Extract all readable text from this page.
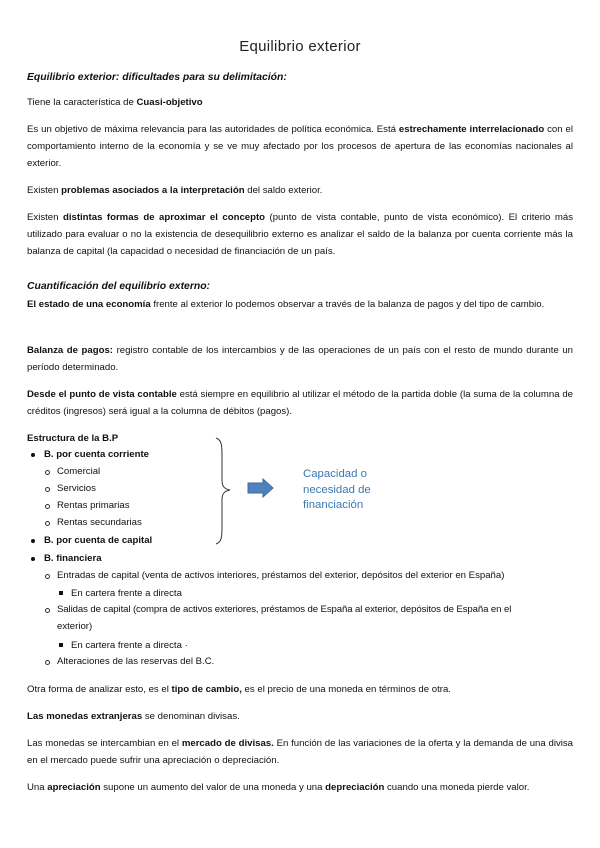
Equilibrio exterior

Equilibrio exterior: dificultades para su delimitación:

Tiene la característica de Cuasi-objetivo

Es un objetivo de máxima relevancia para las autoridades de política económica. Está estrechamente interrelacionado con el comportamiento interno de la economía y se ve muy afectado por los procesos de apertura de las economías nacionales al exterior.

Existen problemas asociados a la interpretación del saldo exterior.

Existen distintas formas de aproximar el concepto (punto de vista contable, punto de vista económico). El criterio más utilizado para evaluar o no la existencia de desequilibrio externo es analizar el saldo de la balanza por cuenta corriente más la balanza de capital (la capacidad o necesidad de financiación de un país.

Cuantificación del equilibrio externo:

El estado de una economía frente al exterior lo podemos observar a través de la balanza de pagos y del tipo de cambio.

Balanza de pagos: registro contable de los intercambios y de las operaciones de un país con el resto de mundo durante un período determinado.

Desde el punto de vista contable está siempre en equilibrio al utilizar el método de la partida doble (la suma de la columna de créditos (ingresos) será igual a la columna de débitos (pagos).

Estructura de la B.P

B. por cuenta corriente

Comercial

Servicios

Rentas primarias

Rentas secundarias

B. por cuenta de capital

B. financiera

Entradas de capital (venta de activos interiores, préstamos del exterior, depósitos del exterior en España)

En cartera frente a directa

Salidas de capital (compra de activos exteriores, préstamos de España al exterior, depósitos de España en el

exterior)

En cartera frente a directa ·

Alteraciones de las reservas del B.C.

Capacidad o
necesidad de
financiación

Otra forma de analizar esto, es el tipo de cambio, es el precio de una moneda en términos de otra.

Las monedas extranjeras se denominan divisas.

Las monedas se intercambian en el mercado de divisas. En función de las variaciones de la oferta y la demanda de una divisa en el mercado puede sufrir una apreciación o depreciación.

Una apreciación supone un aumento del valor de una moneda y una depreciación cuando una moneda pierde valor.
